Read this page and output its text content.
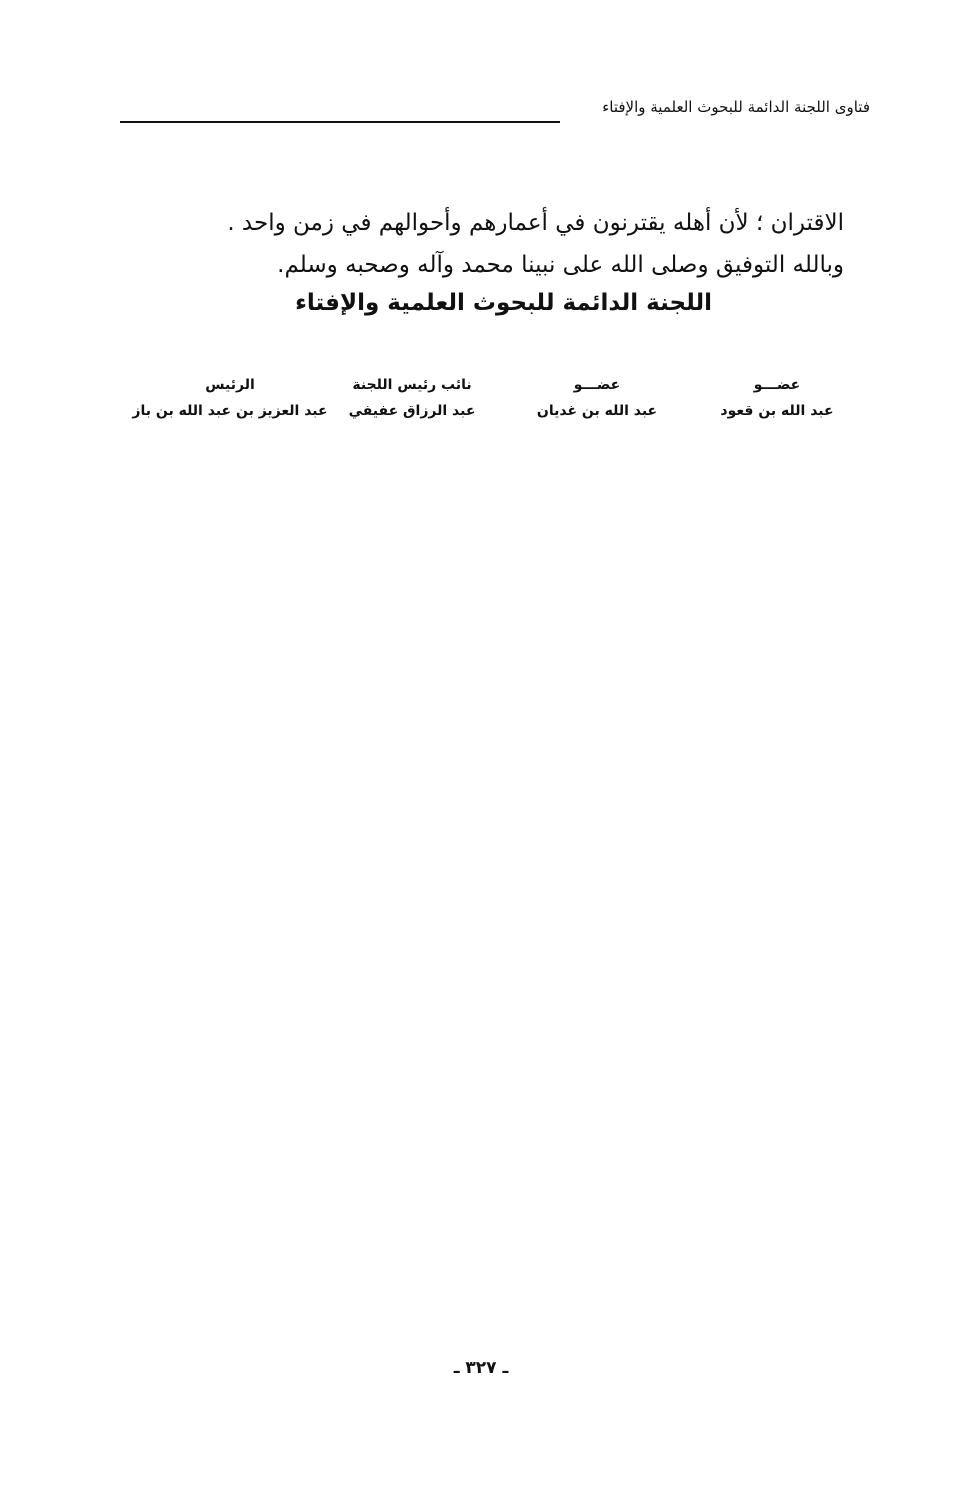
فتاوى اللجنة الدائمة للبحوث العلمية والإفتاء
الاقتران ؛ لأن أهله يقترنون في أعمارهم وأحوالهم في زمن واحد .
وبالله التوفيق وصلى الله على نبينا محمد وآله وصحبه وسلم.
اللجنة الدائمة للبحوث العلمية والإفتاء
عضـــو
عبد الله بن قعود
عضـــو
عبد الله بن غديان
نائب رئيس اللجنة
عبد الرزاق عفيفي
الرئيس
عبد العزيز بن عبد الله بن باز
ـ ٣٢٧ ـ
